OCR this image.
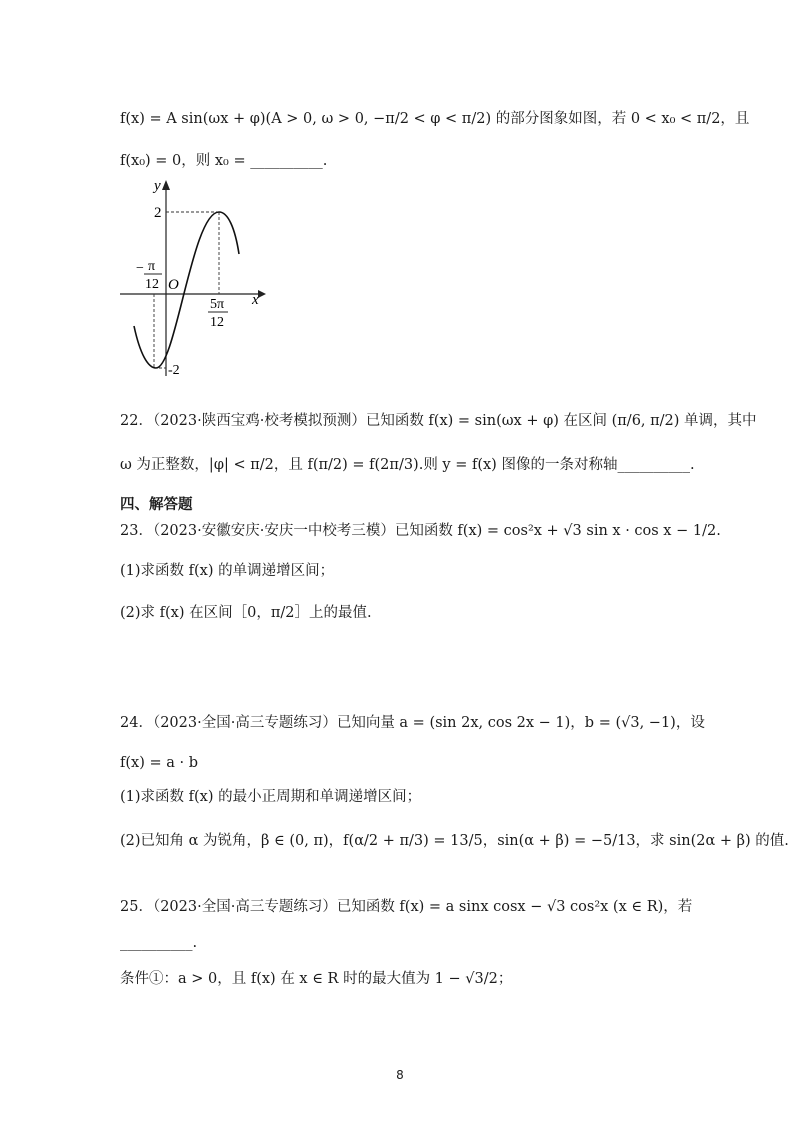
f(x) = A sin(ωx + φ)(A > 0, ω > 0, −π/2 < φ < π/2) 的部分图象如图，若 0 < x₀ < π/2，且
f(x₀) = 0，则 x₀ = __________.
y
x
O
2
-2
− π
12
5π
12
22．（2023·陕西宝鸡·校考模拟预测）已知函数 f(x) = sin(ωx + φ) 在区间 (π/6, π/2) 单调，其中
ω 为正整数，|φ| < π/2，且 f(π/2) = f(2π/3).则 y = f(x) 图像的一条对称轴__________.
四、解答题
23．（2023·安徽安庆·安庆一中校考三模）已知函数 f(x) = cos²x + √3 sin x · cos x − 1/2.
(1)求函数 f(x) 的单调递增区间；
(2)求 f(x) 在区间［0，π/2］上的最值.
24．（2023·全国·高三专题练习）已知向量 a = (sin 2x, cos 2x − 1)，b = (√3, −1)，设
f(x) = a · b
(1)求函数 f(x) 的最小正周期和单调递增区间；
(2)已知角 α 为锐角，β ∈ (0, π)，f(α/2 + π/3) = 13/5，sin(α + β) = −5/13，求 sin(2α + β) 的值.
25．（2023·全国·高三专题练习）已知函数 f(x) = a sinx cosx − √3 cos²x (x ∈ R)，若
__________.
条件①：a > 0，且 f(x) 在 x ∈ R 时的最大值为 1 − √3/2；
8
